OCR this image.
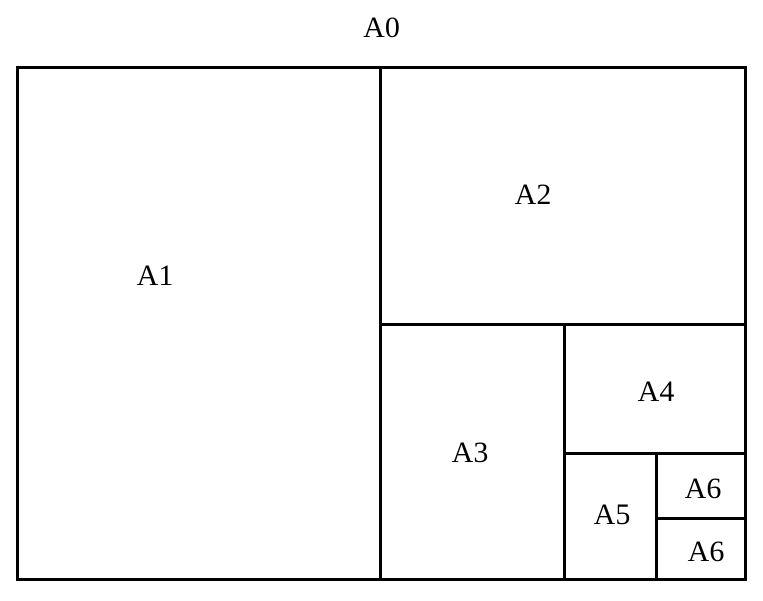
A0
A1
A2
A3
A4
A5
A6
A6
